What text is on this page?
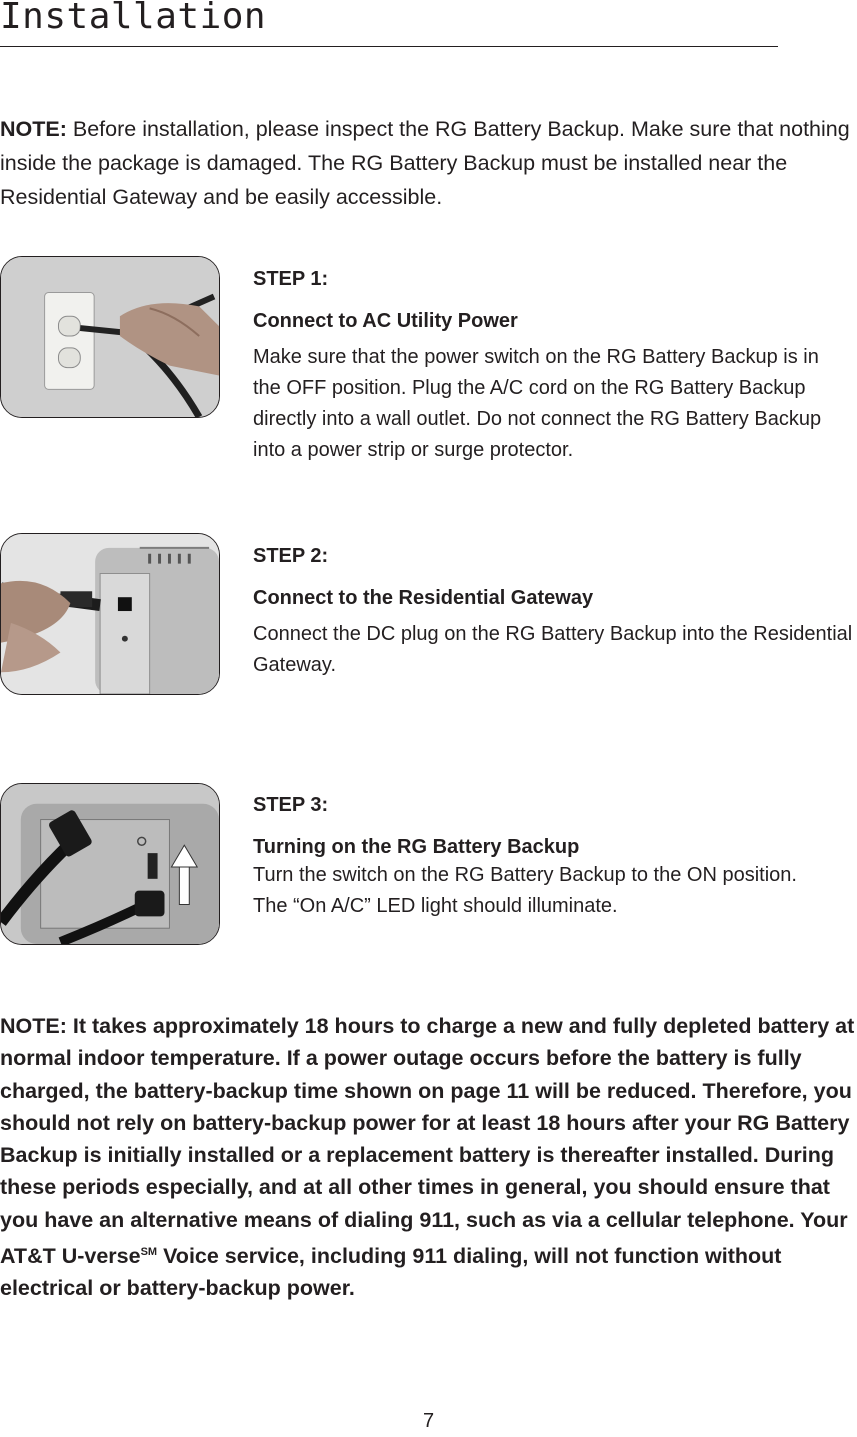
Installation

NOTE: Before installation, please inspect the RG Battery Backup. Make sure that nothing inside the package is damaged. The RG Battery Backup must be installed near the Residential Gateway and be easily accessible.

STEP 1:

Connect to AC Utility Power

Make sure that the power switch on the RG Battery Backup is in the OFF position. Plug the A/C cord on the RG Battery Backup directly into a wall outlet. Do not connect the RG Battery Backup into a power strip or surge protector.

STEP 2:

Connect to the Residential Gateway

Connect the DC plug on the RG Battery Backup into the Residential Gateway.

STEP 3:

Turning on the RG Battery Backup

Turn the switch on the RG Battery Backup to the ON position. The “On A/C” LED light should illuminate.

NOTE: It takes approximately 18 hours to charge a new and fully depleted battery at normal indoor temperature. If a power outage occurs before the battery is fully charged, the battery-backup time shown on page 11 will be reduced. Therefore, you should not rely on battery-backup power for at least 18 hours after your RG Battery Backup is initially installed or a replacement battery is thereafter installed. During these periods especially, and at all other times in general, you should ensure that you have an alternative means of dialing 911, such as via a cellular telephone. Your AT&T U-verse℠ Voice service, including 911 dialing, will not function without electrical or battery-backup power.

7
